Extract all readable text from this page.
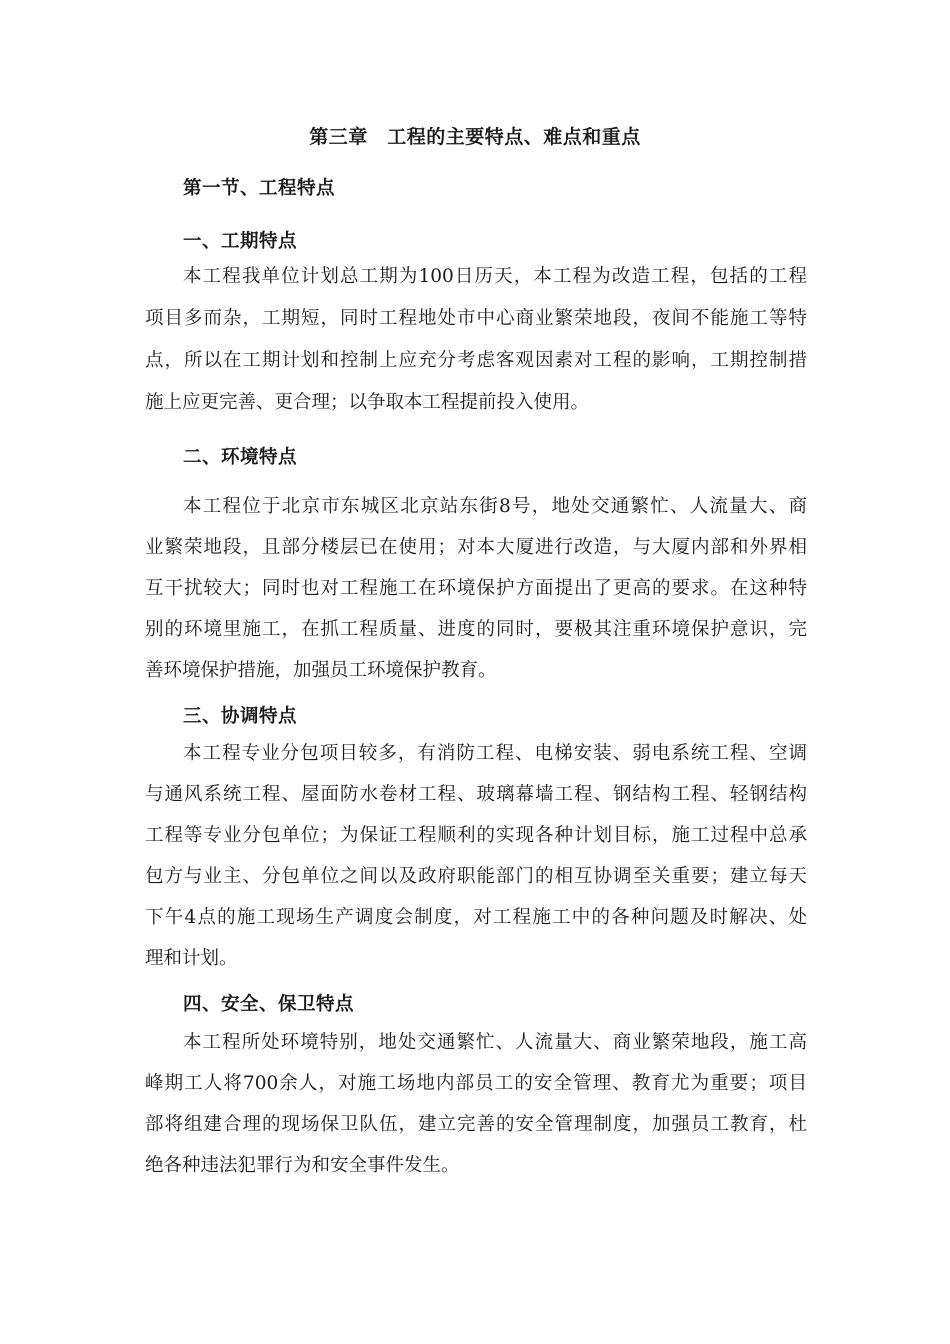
第三章　工程的主要特点、难点和重点
第一节、工程特点
一、工期特点
本工程我单位计划总工期为100日历天，本工程为改造工程，包括的工程
项目多而杂，工期短，同时工程地处市中心商业繁荣地段，夜间不能施工等特
点，所以在工期计划和控制上应充分考虑客观因素对工程的影响，工期控制措
施上应更完善、更合理；以争取本工程提前投入使用。
二、环境特点
本工程位于北京市东城区北京站东街8号，地处交通繁忙、人流量大、商
业繁荣地段，且部分楼层已在使用；对本大厦进行改造，与大厦内部和外界相
互干扰较大；同时也对工程施工在环境保护方面提出了更高的要求。在这种特
别的环境里施工，在抓工程质量、进度的同时，要极其注重环境保护意识，完
善环境保护措施，加强员工环境保护教育。
三、协调特点
本工程专业分包项目较多，有消防工程、电梯安装、弱电系统工程、空调
与通风系统工程、屋面防水卷材工程、玻璃幕墙工程、钢结构工程、轻钢结构
工程等专业分包单位；为保证工程顺利的实现各种计划目标，施工过程中总承
包方与业主、分包单位之间以及政府职能部门的相互协调至关重要；建立每天
下午4点的施工现场生产调度会制度，对工程施工中的各种问题及时解决、处
理和计划。
四、安全、保卫特点
本工程所处环境特别，地处交通繁忙、人流量大、商业繁荣地段，施工高
峰期工人将700余人，对施工场地内部员工的安全管理、教育尤为重要；项目
部将组建合理的现场保卫队伍，建立完善的安全管理制度，加强员工教育，杜
绝各种违法犯罪行为和安全事件发生。
